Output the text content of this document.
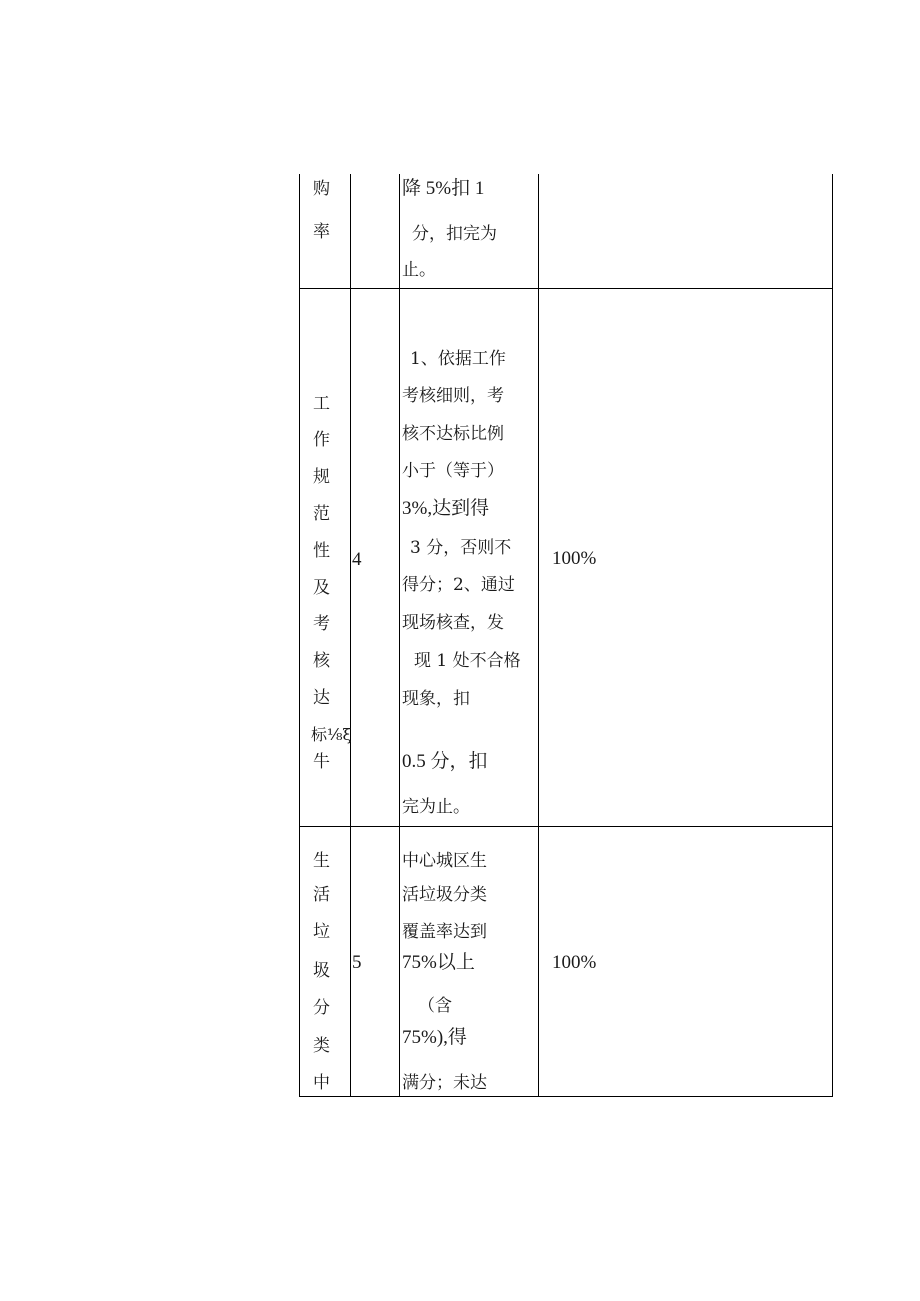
购
率
降 5%扣 1
分，扣完为
止。
工
作
规
范
性
及
考
核
达
标⅛ξ
牛
4
1、依据工作
考核细则，考
核不达标比例
小于（等于）
3%,达到得
3 分，否则不
得分；2、通过
现场核查，发
现 1 处不合格
现象，扣
0.5 分，扣
完为止。
100%
生
活
垃
圾
分
类
中
5
中心城区生
活垃圾分类
覆盖率达到
75%以上
（含
75%),得
满分；未达
100%
